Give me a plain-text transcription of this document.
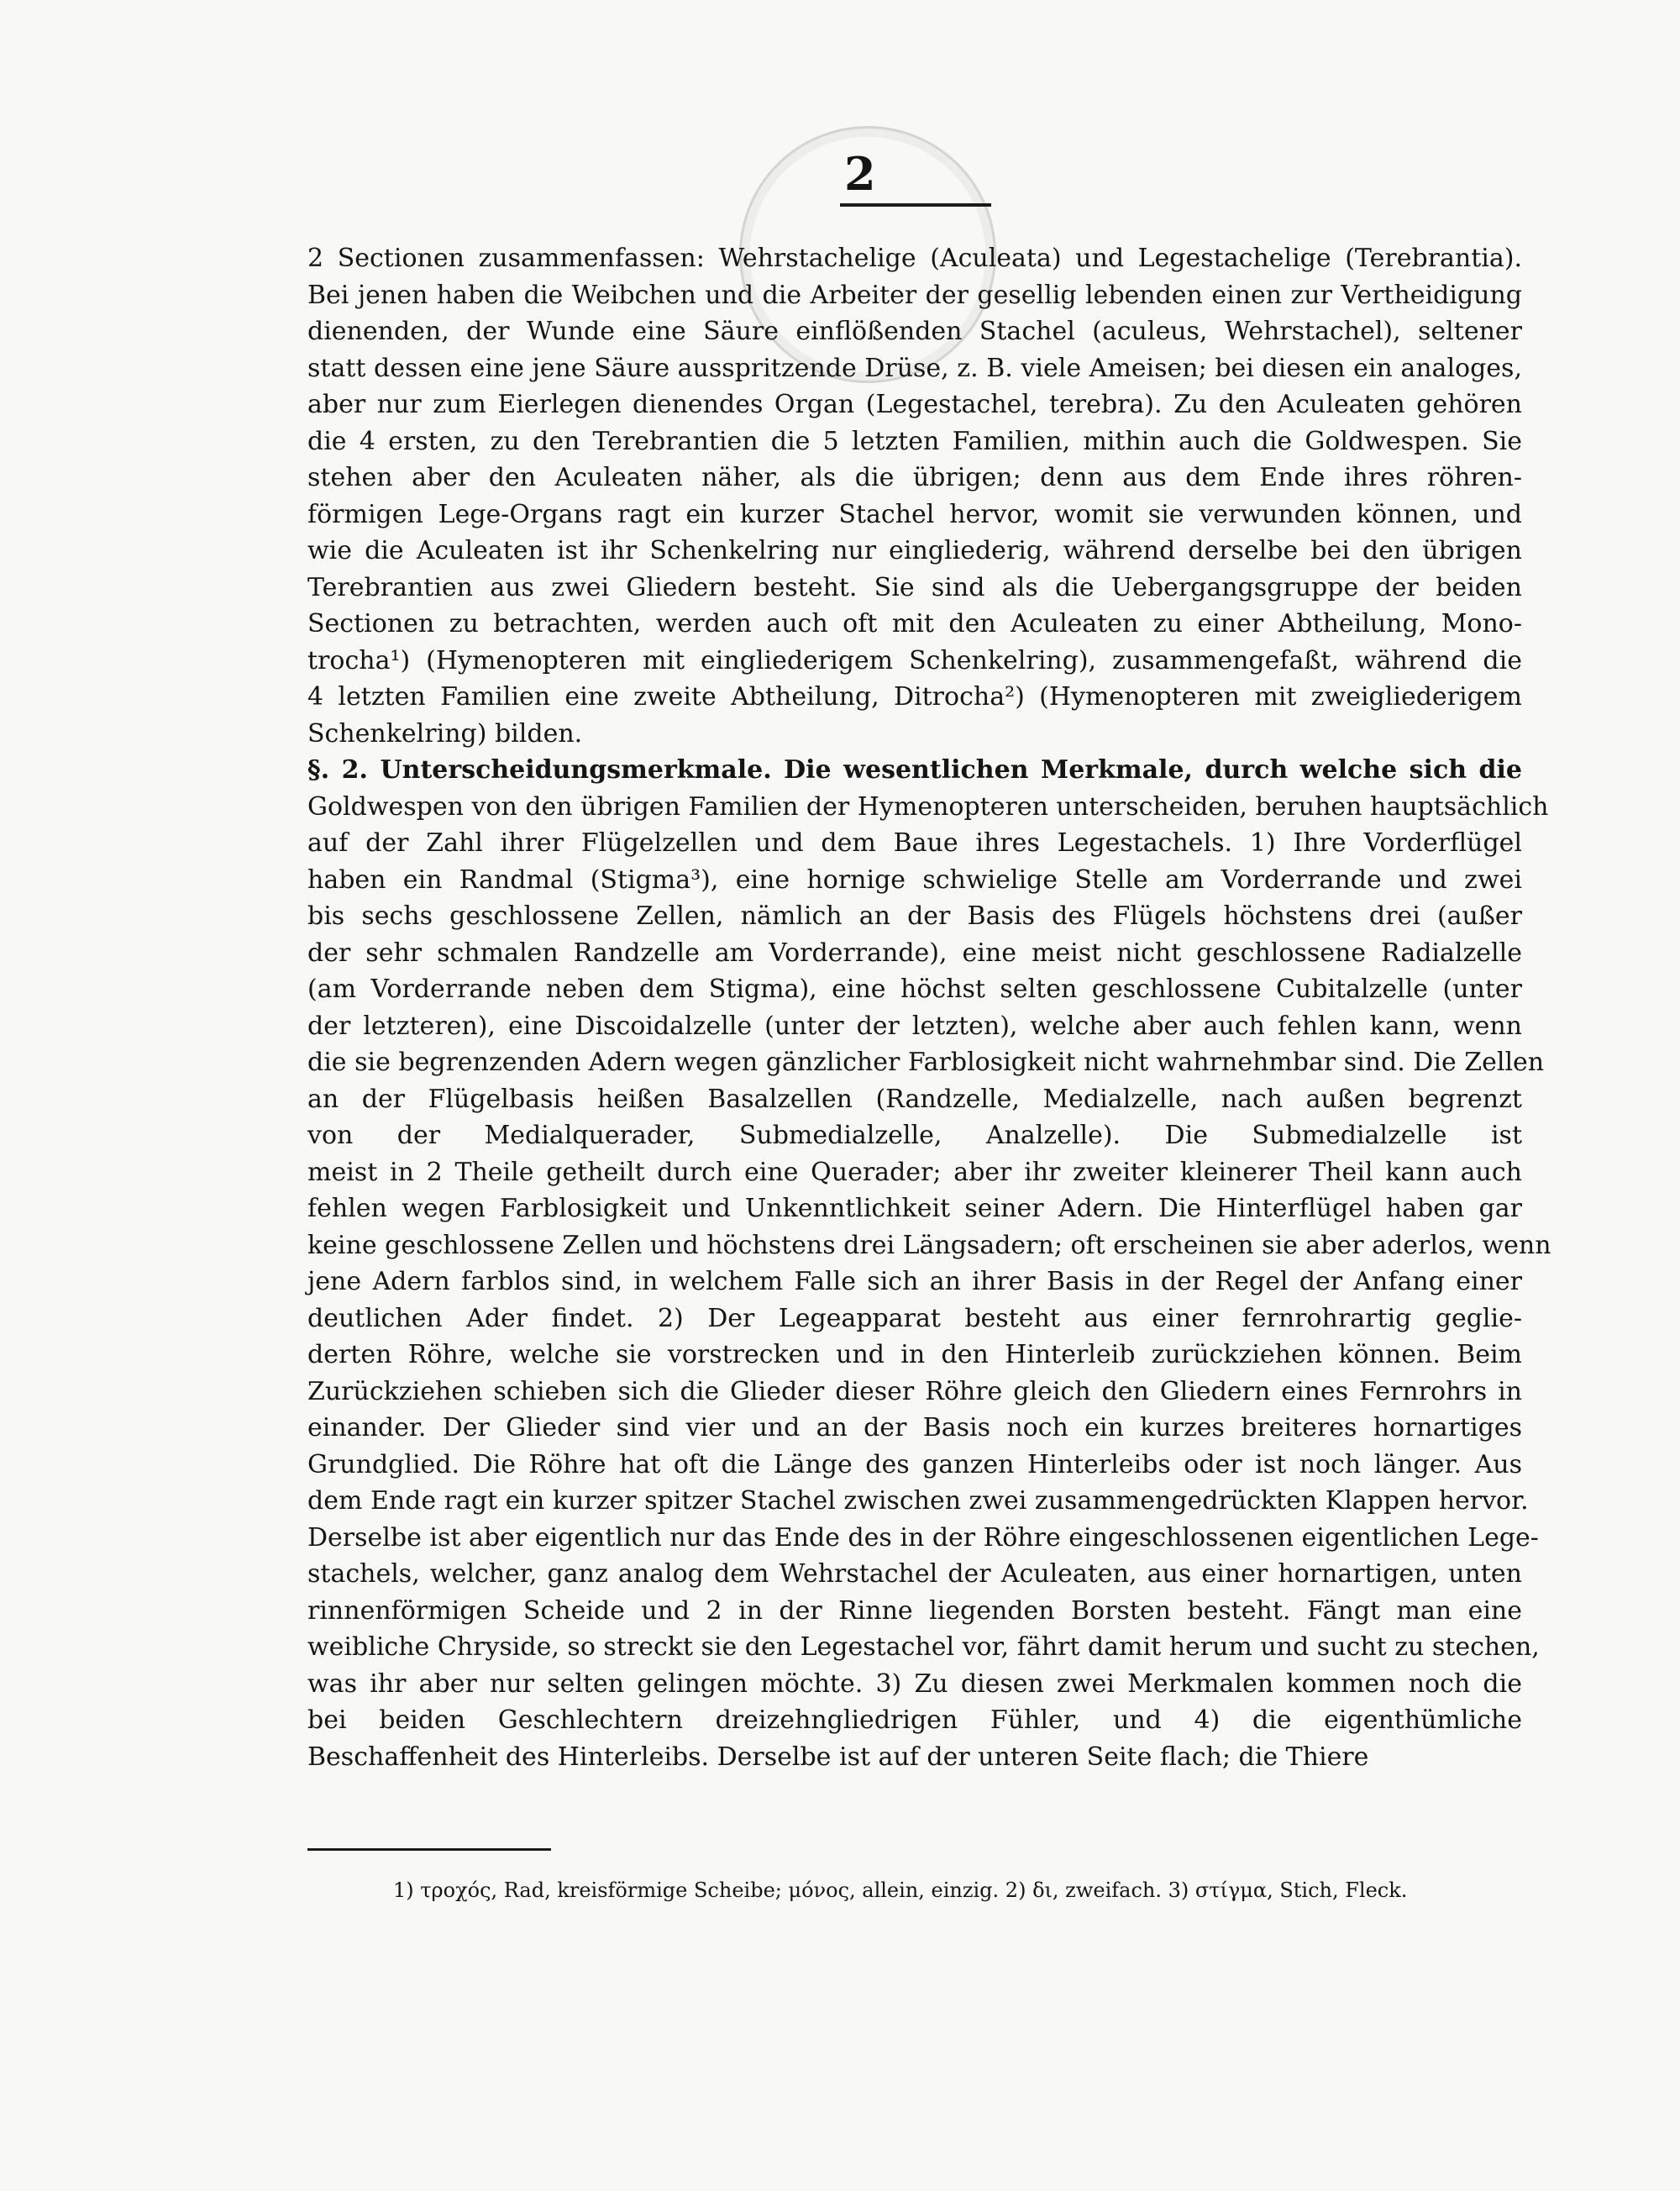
2
2 Sectionen zusammenfassen: Wehrstachelige (Aculeata) und Legestachelige (Terebrantia).
Bei jenen haben die Weibchen und die Arbeiter der gesellig lebenden einen zur Vertheidigung
dienenden, der Wunde eine Säure einflößenden Stachel (aculeus, Wehrstachel), seltener
statt dessen eine jene Säure ausspritzende Drüse, z. B. viele Ameisen; bei diesen ein analoges,
aber nur zum Eierlegen dienendes Organ (Legestachel, terebra). Zu den Aculeaten gehören
die 4 ersten, zu den Terebrantien die 5 letzten Familien, mithin auch die Goldwespen. Sie
stehen aber den Aculeaten näher, als die übrigen; denn aus dem Ende ihres röhren-
förmigen Lege-Organs ragt ein kurzer Stachel hervor, womit sie verwunden können, und
wie die Aculeaten ist ihr Schenkelring nur eingliederig, während derselbe bei den übrigen
Terebrantien aus zwei Gliedern besteht. Sie sind als die Uebergangsgruppe der beiden
Sectionen zu betrachten, werden auch oft mit den Aculeaten zu einer Abtheilung, Mono-
trocha¹) (Hymenopteren mit eingliederigem Schenkelring), zusammengefaßt, während die
4 letzten Familien eine zweite Abtheilung, Ditrocha²) (Hymenopteren mit zweigliederigem
Schenkelring) bilden.
§. 2. Unterscheidungsmerkmale. Die wesentlichen Merkmale, durch welche sich die
Goldwespen von den übrigen Familien der Hymenopteren unterscheiden, beruhen hauptsächlich
auf der Zahl ihrer Flügelzellen und dem Baue ihres Legestachels. 1) Ihre Vorderflügel
haben ein Randmal (Stigma³), eine hornige schwielige Stelle am Vorderrande und zwei
bis sechs geschlossene Zellen, nämlich an der Basis des Flügels höchstens drei (außer
der sehr schmalen Randzelle am Vorderrande), eine meist nicht geschlossene Radialzelle
(am Vorderrande neben dem Stigma), eine höchst selten geschlossene Cubitalzelle (unter
der letzteren), eine Discoidalzelle (unter der letzten), welche aber auch fehlen kann, wenn
die sie begrenzenden Adern wegen gänzlicher Farblosigkeit nicht wahrnehmbar sind. Die Zellen
an der Flügelbasis heißen Basalzellen (Randzelle, Medialzelle, nach außen begrenzt
von der Medialquerader, Submedialzelle, Analzelle). Die Submedialzelle ist
meist in 2 Theile getheilt durch eine Querader; aber ihr zweiter kleinerer Theil kann auch
fehlen wegen Farblosigkeit und Unkenntlichkeit seiner Adern. Die Hinterflügel haben gar
keine geschlossene Zellen und höchstens drei Längsadern; oft erscheinen sie aber aderlos, wenn
jene Adern farblos sind, in welchem Falle sich an ihrer Basis in der Regel der Anfang einer
deutlichen Ader findet. 2) Der Legeapparat besteht aus einer fernrohrartig geglie-
derten Röhre, welche sie vorstrecken und in den Hinterleib zurückziehen können. Beim
Zurückziehen schieben sich die Glieder dieser Röhre gleich den Gliedern eines Fernrohrs in
einander. Der Glieder sind vier und an der Basis noch ein kurzes breiteres hornartiges
Grundglied. Die Röhre hat oft die Länge des ganzen Hinterleibs oder ist noch länger. Aus
dem Ende ragt ein kurzer spitzer Stachel zwischen zwei zusammengedrückten Klappen hervor.
Derselbe ist aber eigentlich nur das Ende des in der Röhre eingeschlossenen eigentlichen Lege-
stachels, welcher, ganz analog dem Wehrstachel der Aculeaten, aus einer hornartigen, unten
rinnenförmigen Scheide und 2 in der Rinne liegenden Borsten besteht. Fängt man eine
weibliche Chryside, so streckt sie den Legestachel vor, fährt damit herum und sucht zu stechen,
was ihr aber nur selten gelingen möchte. 3) Zu diesen zwei Merkmalen kommen noch die
bei beiden Geschlechtern dreizehngliedrigen Fühler, und 4) die eigenthümliche
Beschaffenheit des Hinterleibs. Derselbe ist auf der unteren Seite flach; die Thiere
1) τροχός, Rad, kreisförmige Scheibe; μόνος, allein, einzig. 2) δι, zweifach. 3) στίγμα, Stich, Fleck.
